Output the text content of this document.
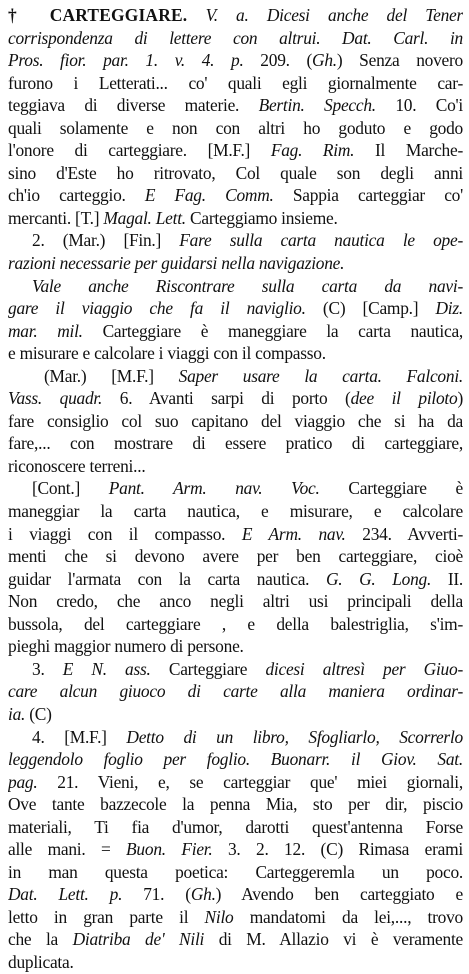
† CARTEGGIARE. V. a. Dicesi anche del Tener
corrispondenza di lettere con altrui. Dat. Carl. in
Pros. fior. par. 1. v. 4. p. 209. (Gh.) Senza novero
furono i Letterati... co' quali egli giornalmente car-
teggiava di diverse materie. Bertin. Specch. 10. Co'i
quali solamente e non con altri ho goduto e godo
l'onore di carteggiare. [M.F.] Fag. Rim. Il Marche-
sino d'Este ho ritrovato, Col quale son degli anni
ch'io carteggio. E Fag. Comm. Sappia carteggiar co'
mercanti. [T.] Magal. Lett. Carteggiamo insieme.
2. (Mar.) [Fin.] Fare sulla carta nautica le ope-
razioni necessarie per guidarsi nella navigazione.
Vale anche Riscontrare sulla carta da navi-
gare il viaggio che fa il naviglio. (C) [Camp.] Diz.
mar. mil. Carteggiare è maneggiare la carta nautica,
e misurare e calcolare i viaggi con il compasso.
(Mar.) [M.F.] Saper usare la carta. Falconi.
Vass. quadr. 6. Avanti sarpi di porto (dee il piloto)
fare consiglio col suo capitano del viaggio che si ha da
fare,... con mostrare di essere pratico di carteggiare,
riconoscere terreni...
[Cont.] Pant. Arm. nav. Voc. Carteggiare è
maneggiar la carta nautica, e misurare, e calcolare
i viaggi con il compasso. E Arm. nav. 234. Avverti-
menti che si devono avere per ben carteggiare, cioè
guidar l'armata con la carta nautica. G. G. Long. II.
Non credo, che anco negli altri usi principali della
bussola, del carteggiare , e della balestriglia, s'im-
pieghi maggior numero di persone.
3. E N. ass. Carteggiare dicesi altresì per Giuo-
care alcun giuoco di carte alla maniera ordinar-
ia. (C)
4. [M.F.] Detto di un libro, Sfogliarlo, Scorrerlo
leggendolo foglio per foglio. Buonarr. il Giov. Sat.
pag. 21. Vieni, e, se carteggiar que' miei giornali,
Ove tante bazzecole la penna Mia, sto per dir, piscio
materiali, Ti fia d'umor, darotti quest'antenna Forse
alle mani. = Buon. Fier. 3. 2. 12. (C) Rimasa erami
in man questa poetica: Carteggeremla un poco.
Dat. Lett. p. 71. (Gh.) Avendo ben carteggiato e
letto in gran parte il Nilo mandatomi da lei,..., trovo
che la Diatriba de' Nili di M. Allazio vi è veramente
duplicata.
